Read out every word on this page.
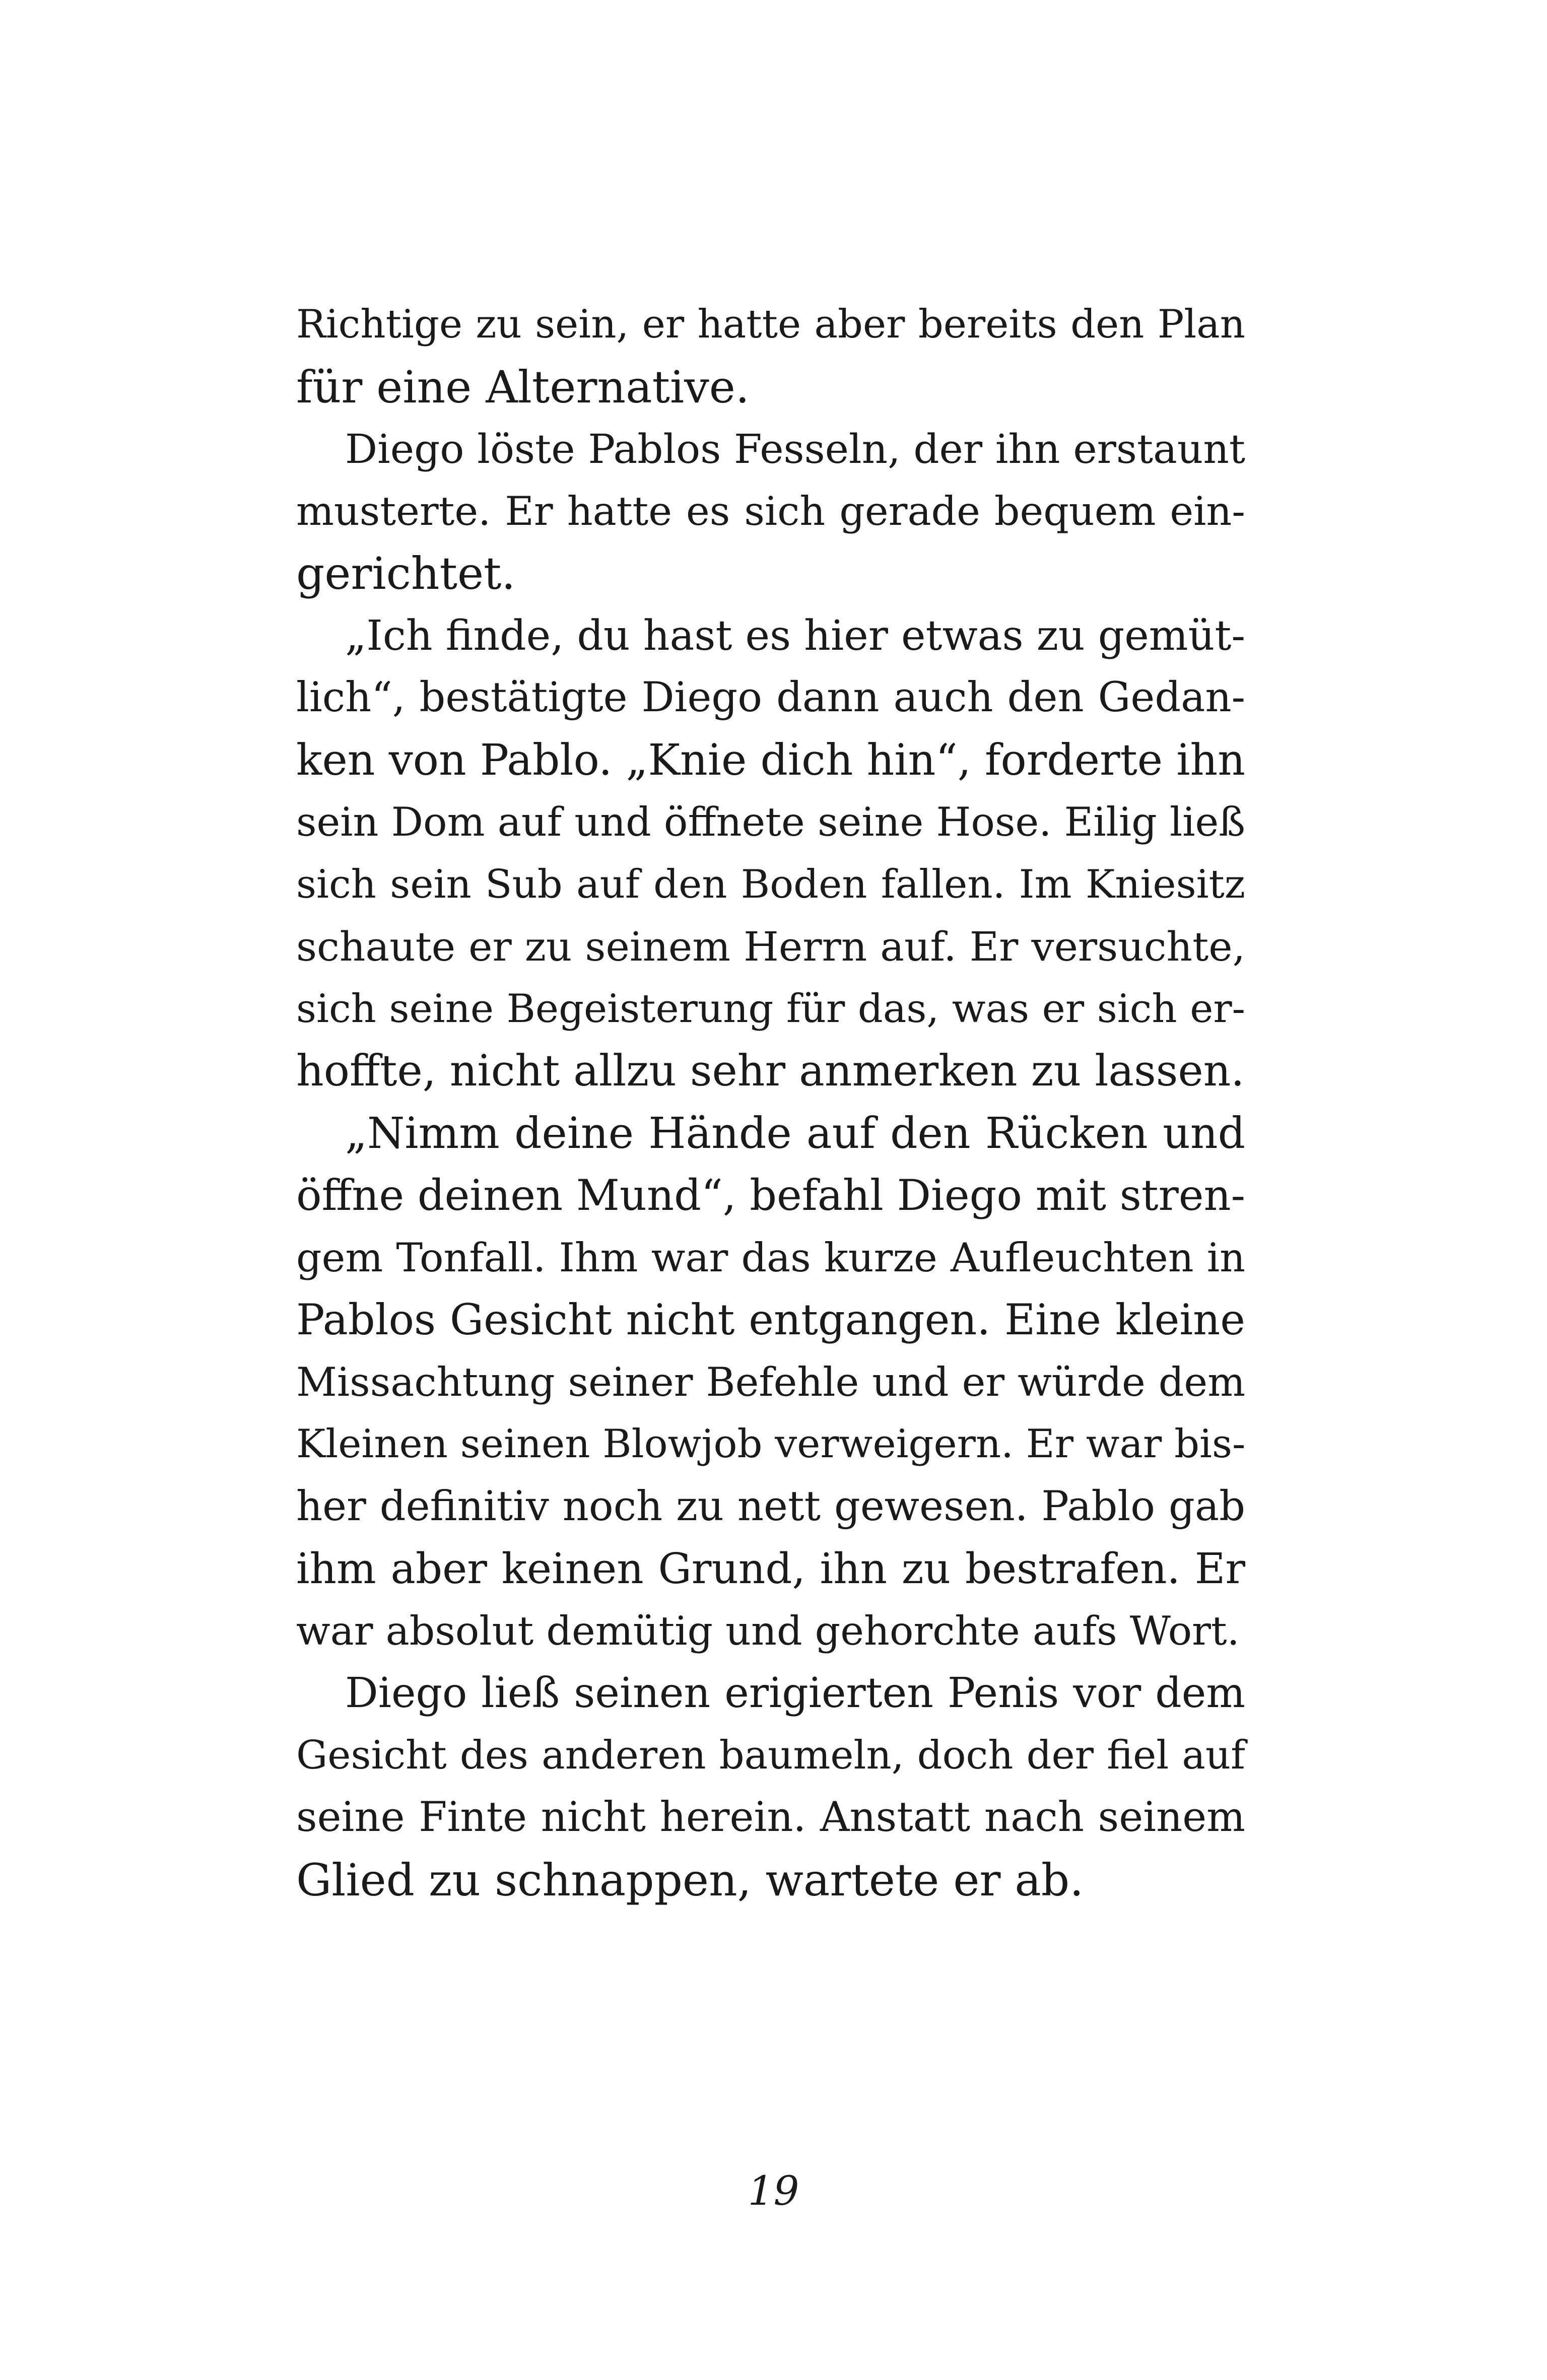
Richtige zu sein, er hatte aber bereits den Plan
für eine Alternative.
Diego löste Pablos Fesseln, der ihn erstaunt
musterte. Er hatte es sich gerade bequem ein-
gerichtet.
„Ich finde, du hast es hier etwas zu gemüt-
lich“, bestätigte Diego dann auch den Gedan-
ken von Pablo. „Knie dich hin“, forderte ihn
sein Dom auf und öffnete seine Hose. Eilig ließ
sich sein Sub auf den Boden fallen. Im Kniesitz
schaute er zu seinem Herrn auf. Er versuchte,
sich seine Begeisterung für das, was er sich er-
hoffte, nicht allzu sehr anmerken zu lassen.
„Nimm deine Hände auf den Rücken und
öffne deinen Mund“, befahl Diego mit stren-
gem Tonfall. Ihm war das kurze Aufleuchten in
Pablos Gesicht nicht entgangen. Eine kleine
Missachtung seiner Befehle und er würde dem
Kleinen seinen Blowjob verweigern. Er war bis-
her definitiv noch zu nett gewesen. Pablo gab
ihm aber keinen Grund, ihn zu bestrafen. Er
war absolut demütig und gehorchte aufs Wort.
Diego ließ seinen erigierten Penis vor dem
Gesicht des anderen baumeln, doch der fiel auf
seine Finte nicht herein. Anstatt nach seinem
Glied zu schnappen, wartete er ab.
19
